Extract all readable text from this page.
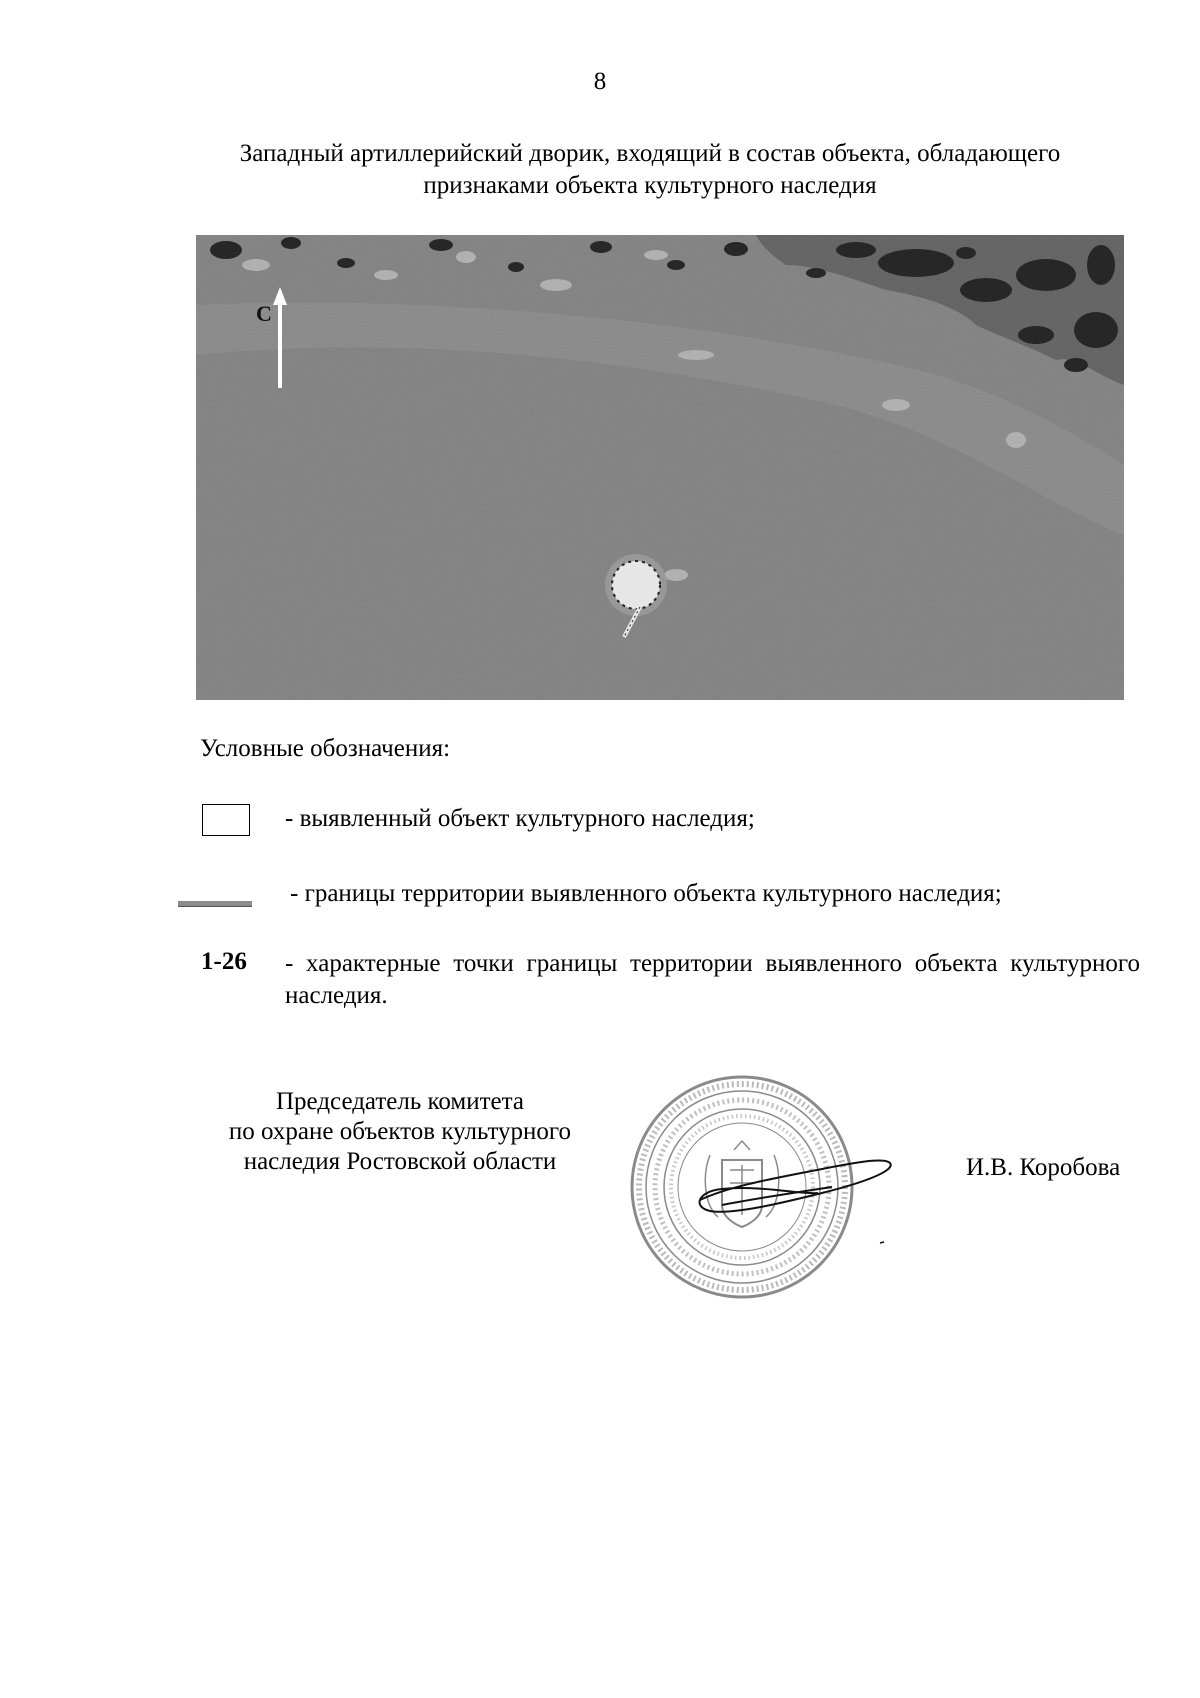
8
Западный артиллерийский дворик, входящий в состав объекта, обладающего
признаками объекта культурного наследия
С
Условные обозначения:
- выявленный объект культурного наследия;
- границы территории выявленного объекта культурного наследия;
1-26 - характерные точки границы территории выявленного объекта культурного наследия.
Председатель комитета
по охране объектов культурного
наследия Ростовской области	И.В. Коробова
